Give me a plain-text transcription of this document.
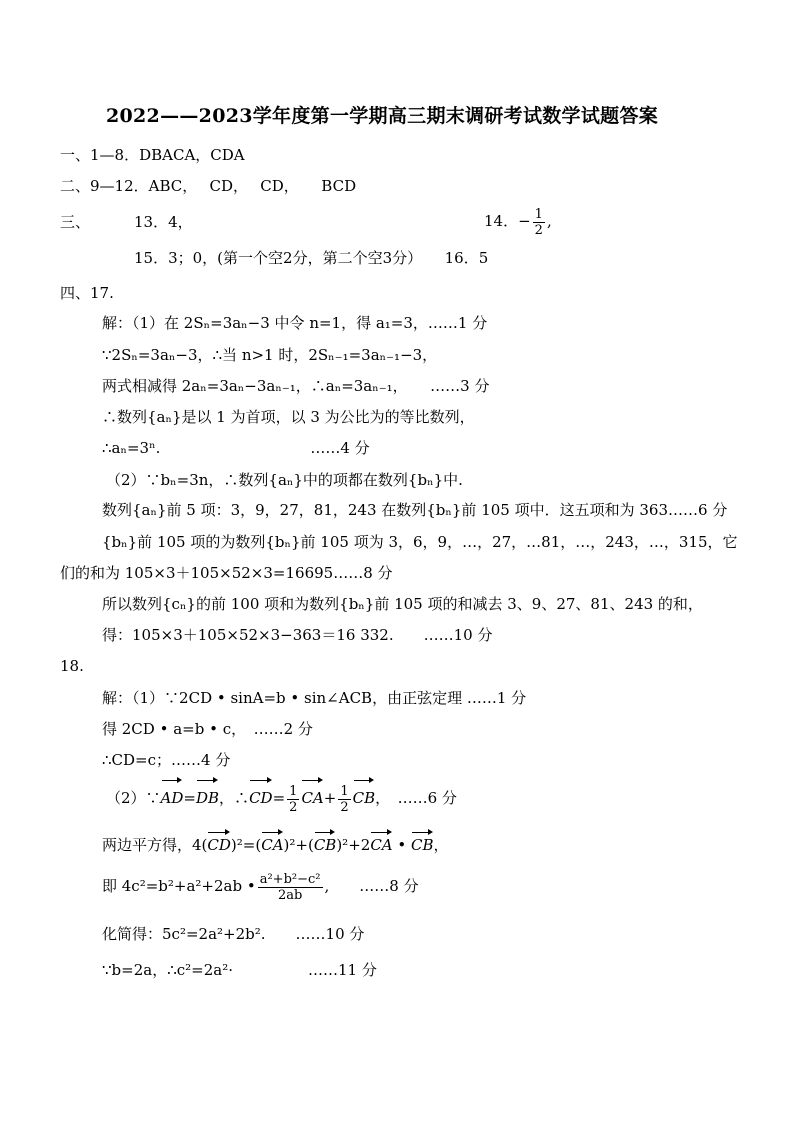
2022——2023学年度第一学期高三期末调研考试数学试题答案
一、1—8．DBACA，CDA
二、9—12．ABC，　 CD，　 CD，　　BCD
三、	13．4，	14．− $\frac{1}{2}$ ,
15．3；0，(第一个空2分，第二个空3分）　　16．5
四、17.
解：（1）在 2Sₙ=3aₙ−3 中令 n=1，得 a₁=3，……1 分
∵2Sₙ=3aₙ−3，∴当 n>1 时，2Sₙ₋₁=3aₙ₋₁−3，
两式相减得 2aₙ=3aₙ−3aₙ₋₁，∴aₙ=3aₙ₋₁，　　……3 分
∴数列{aₙ}是以 1 为首项，以 3 为公比为的等比数列，
∴aₙ=3ⁿ.　　　　　　　　　　……4 分
（2）∵bₙ=3n，∴数列{aₙ}中的项都在数列{bₙ}中.
数列{aₙ}前 5 项：3，9，27，81，243 在数列{bₙ}前 105 项中．这五项和为 363……6 分
{bₙ}前 105 项的为数列{bₙ}前 105 项为 3，6，9，…，27，…81，…，243，…，315，它
们的和为 105×3＋105×52×3=16695……8 分
所以数列{cₙ}的前 100 项和为数列{bₙ}前 105 项的和减去 3、9、27、81、243 的和，
得：105×3＋105×52×3−363＝16 332.　　……10 分
18.
解：（1）∵2CD • sinA=b • sin∠ACB，由正弦定理 ……1 分
得 2CD • a=b • c，　……2 分
∴CD=c；……4 分
（2）∵AD=DB，∴CD= $\frac{1}{2} CA+ \frac{1}{2}$ CB，　……6 分
两边平方得，4(CD)²=(CA)²+(CB)²+2CA • CB，
即 4c²=b²+a²+2ab • $\frac{\text{a²+b²−c²}}{2ab}$ ,　　……8 分
化简得：5c²=2a²+2b².　　……10 分
∵b=2a，∴c²=2a²·　　　　　……11 分
